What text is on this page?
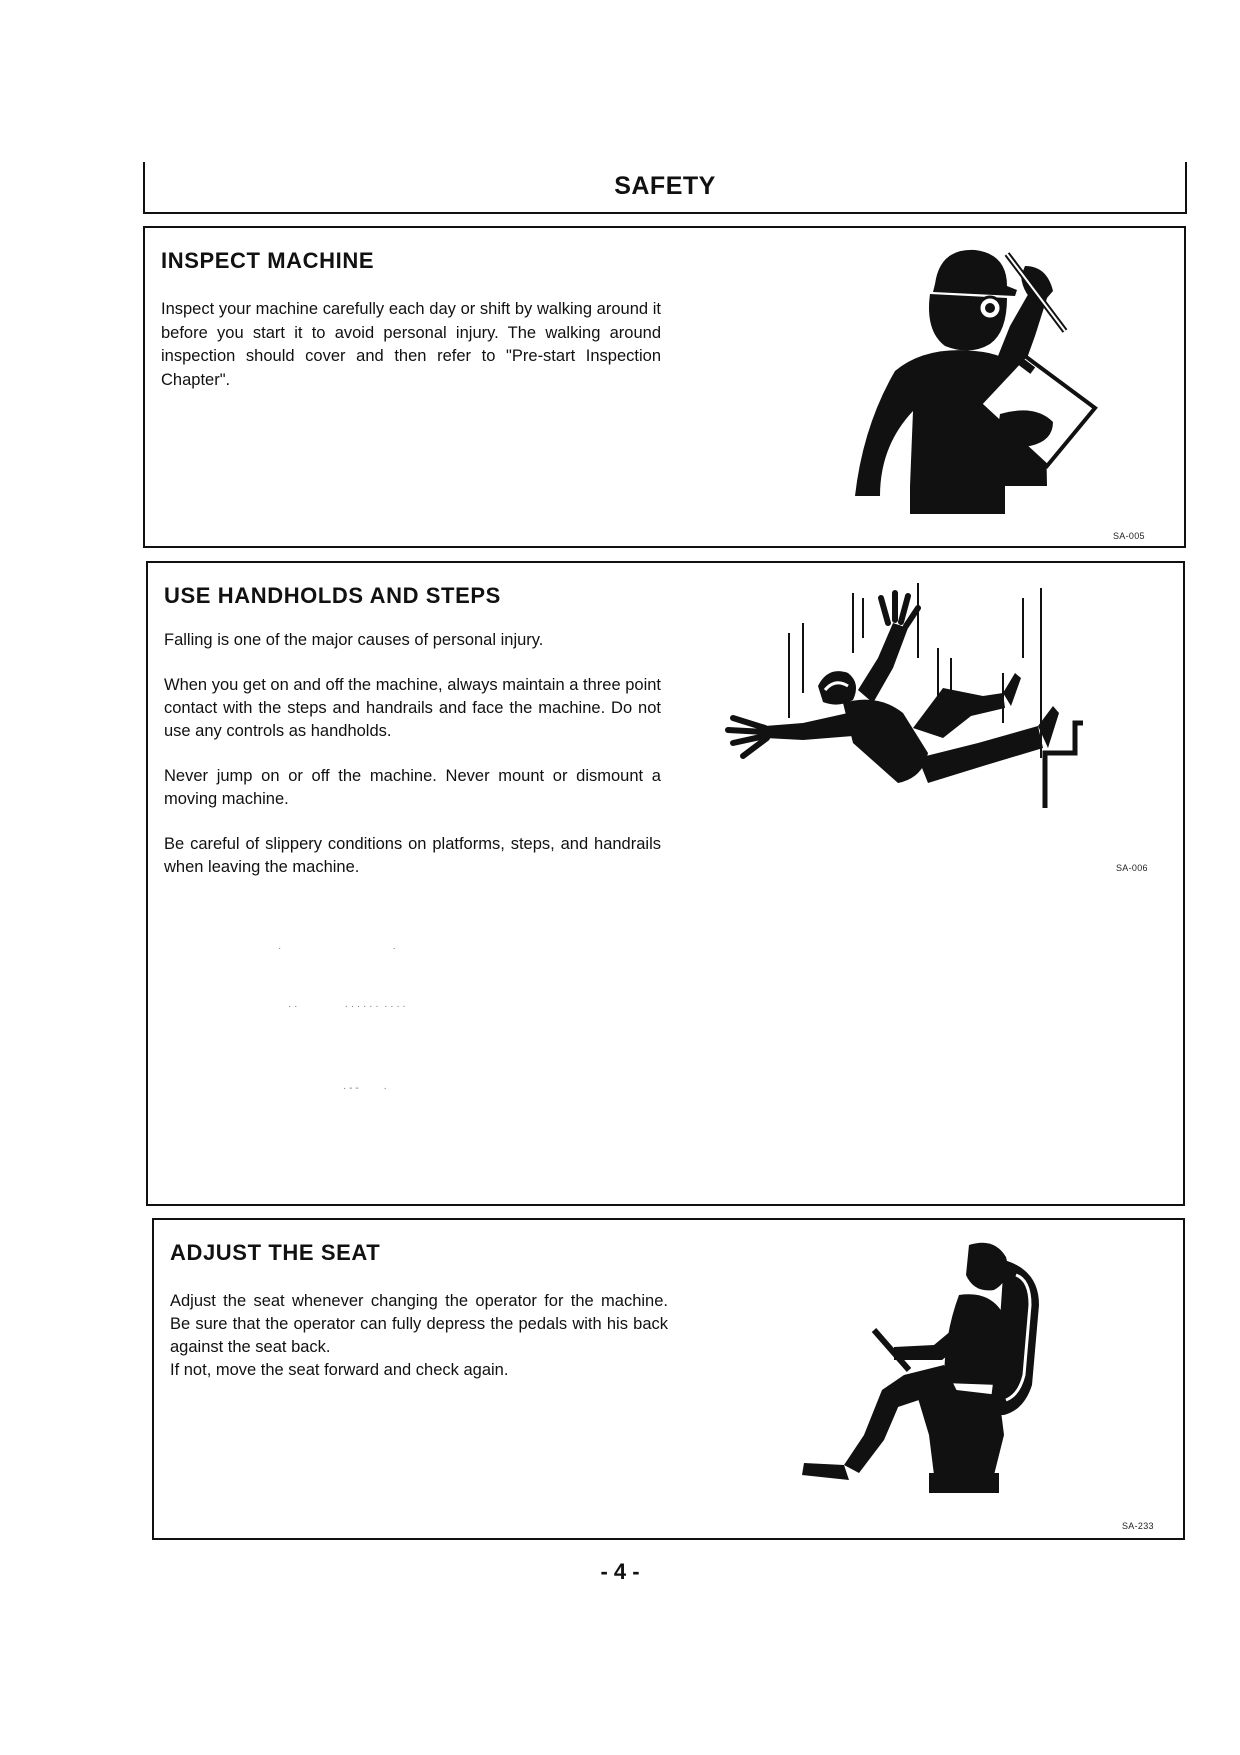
SAFETY
INSPECT MACHINE

Inspect your machine carefully each day or shift by walking around it before you start it to avoid personal injury. The walking around inspection should cover and then refer to "Pre-start Inspection Chapter".

SA-005
USE HANDHOLDS AND STEPS

Falling is one of the major causes of personal injury.

When you get on and off the machine, always maintain a three point contact with the steps and handrails and face the machine. Do not use any controls as handholds.

Never jump on or off the machine. Never mount or dismount a moving machine.

Be careful of slippery conditions on platforms, steps, and handrails when leaving the machine.	SA-006
·                                        ·
· ·                 · · · · · ·  · · · ·
· - -         ·
ADJUST THE SEAT

Adjust the seat whenever changing the operator for the machine. Be sure that the operator can fully depress the pedals with his back against the seat back.

If not, move the seat forward and check again.

SA-233
- 4 -
